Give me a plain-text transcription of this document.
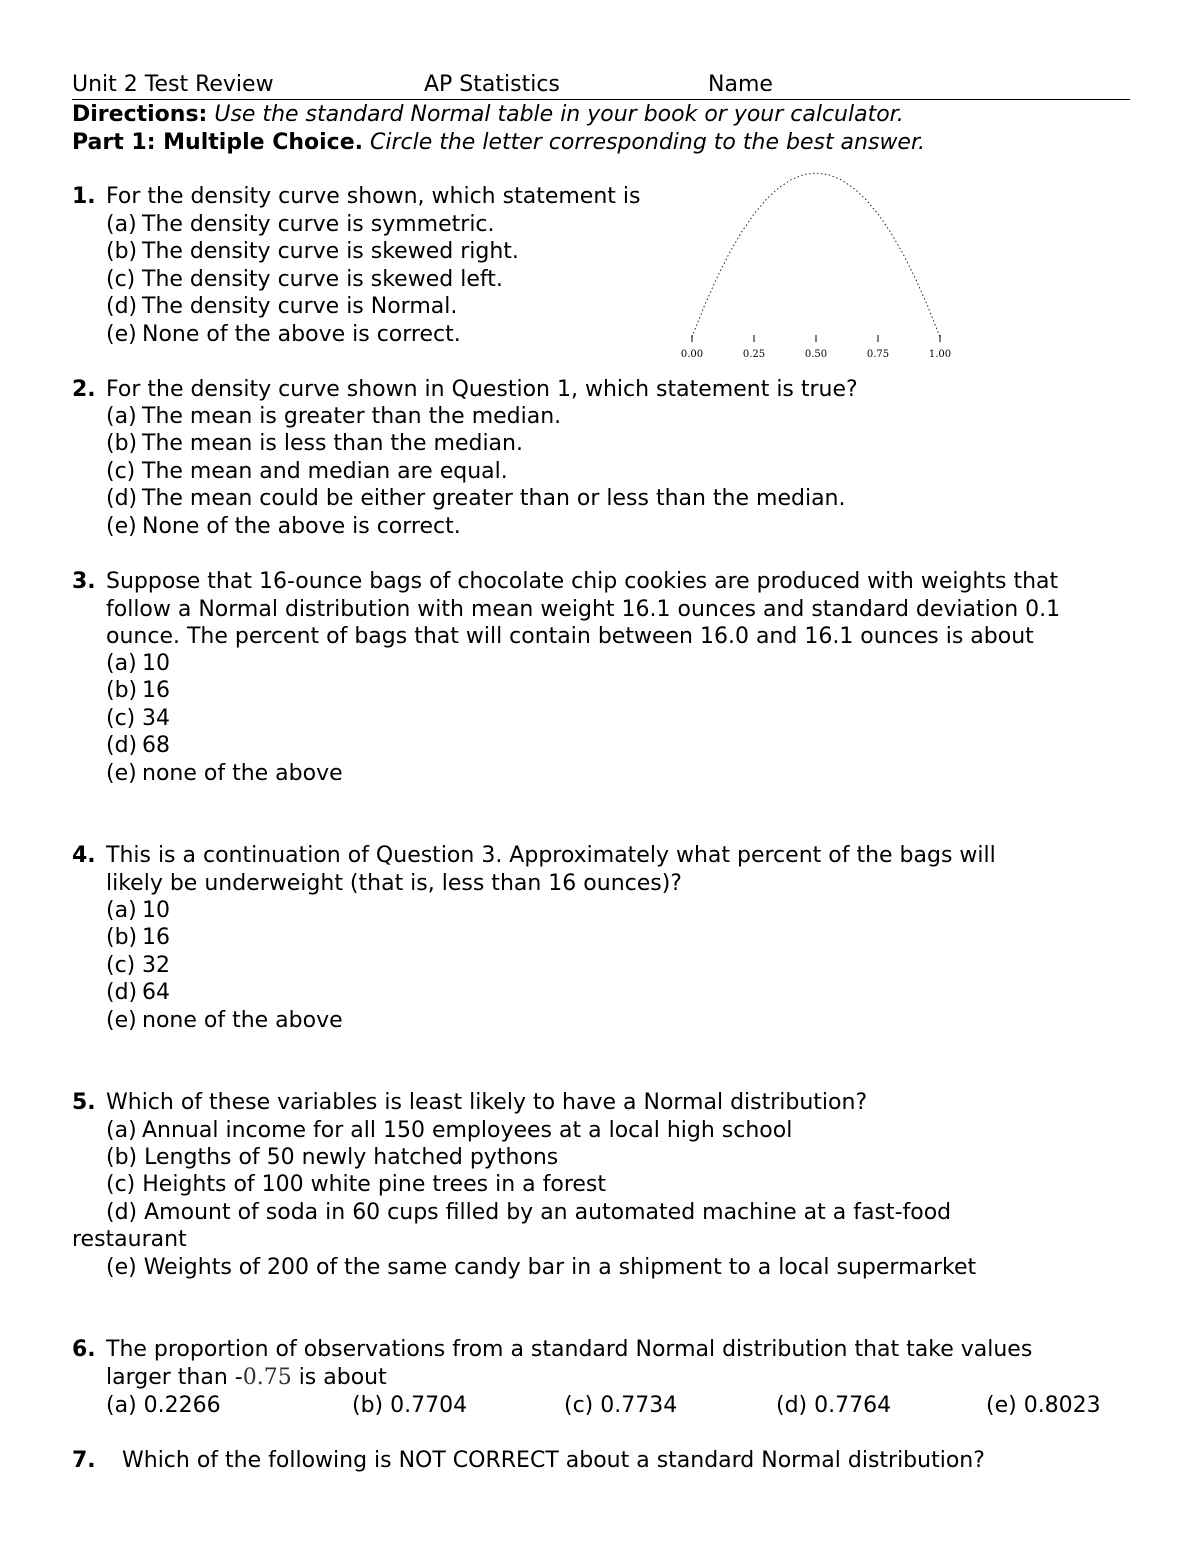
Unit 2 Test Review	AP Statistics	Name
Directions: Use the standard Normal table in your book or your calculator.
Part 1: Multiple Choice. Circle the letter corresponding to the best answer.
1. For the density curve shown, which statement is
(a) The density curve is symmetric.
(b) The density curve is skewed right.
(c) The density curve is skewed left.
(d) The density curve is Normal.
(e) None of the above is correct.
0.00	0.25	0.50	0.75	1.00
2. For the density curve shown in Question 1, which statement is true?
(a) The mean is greater than the median.
(b) The mean is less than the median.
(c) The mean and median are equal.
(d) The mean could be either greater than or less than the median.
(e) None of the above is correct.
3. Suppose that 16-ounce bags of chocolate chip cookies are produced with weights that
follow a Normal distribution with mean weight 16.1 ounces and standard deviation 0.1
ounce. The percent of bags that will contain between 16.0 and 16.1 ounces is about
(a) 10
(b) 16
(c) 34
(d) 68
(e) none of the above
4. This is a continuation of Question 3. Approximately what percent of the bags will
likely be underweight (that is, less than 16 ounces)?
(a) 10
(b) 16
(c) 32
(d) 64
(e) none of the above
5. Which of these variables is least likely to have a Normal distribution?
(a) Annual income for all 150 employees at a local high school
(b) Lengths of 50 newly hatched pythons
(c) Heights of 100 white pine trees in a forest
(d) Amount of soda in 60 cups filled by an automated machine at a fast-food
restaurant
(e) Weights of 200 of the same candy bar in a shipment to a local supermarket
6. The proportion of observations from a standard Normal distribution that take values
larger than -0.75 is about
(a) 0.2266	(b) 0.7704	(c) 0.7734	(d) 0.7764	(e) 0.8023
7. Which of the following is NOT CORRECT about a standard Normal distribution?
